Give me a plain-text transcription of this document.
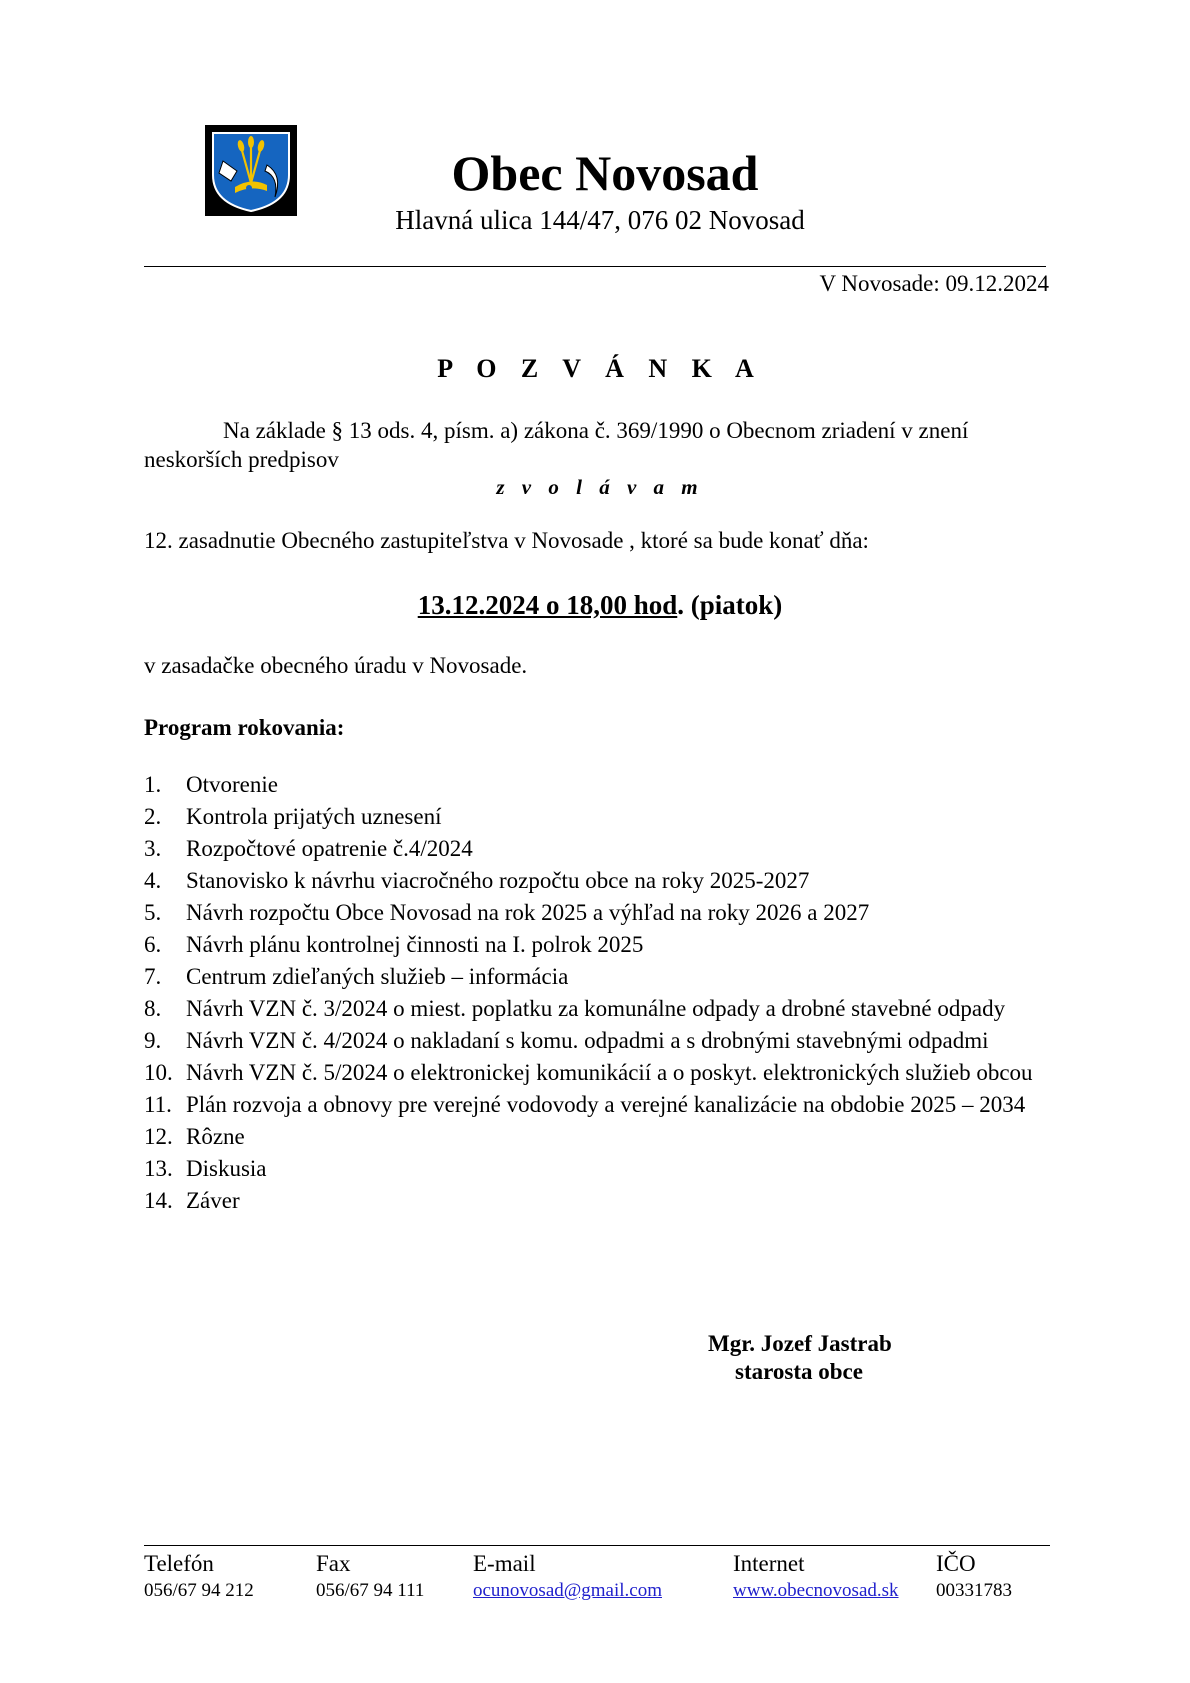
Obec Novosad
Hlavná ulica 144/47, 076 02 Novosad
V Novosade: 09.12.2024
P O Z V Á N K A
Na základe § 13 ods. 4, písm. a) zákona č. 369/1990 o Obecnom zriadení v znení
neskorších predpisov
z v o l á v a m
12. zasadnutie Obecného zastupiteľstva v Novosade , ktoré sa bude konať dňa:
13.12.2024 o 18,00 hod. (piatok)
v zasadačke obecného úradu v Novosade.
Program rokovania:
1.	Otvorenie
2.	Kontrola prijatých uznesení
3.	Rozpočtové opatrenie č.4/2024
4.	Stanovisko k návrhu viacročného rozpočtu obce na roky 2025-2027
5.	Návrh rozpočtu Obce Novosad na rok 2025 a výhľad na roky 2026 a 2027
6.	Návrh plánu kontrolnej činnosti na I. polrok 2025
7.	Centrum zdieľaných služieb – informácia
8.	Návrh VZN č. 3/2024 o miest. poplatku za komunálne odpady a drobné stavebné odpady
9.	Návrh VZN č. 4/2024 o nakladaní s komu. odpadmi a s drobnými stavebnými odpadmi
10. Návrh VZN č. 5/2024 o elektronickej komunikácií a o poskyt. elektronických služieb obcou
11. Plán rozvoja a obnovy pre verejné vodovody a verejné kanalizácie na obdobie 2025 – 2034
12. Rôzne
13. Diskusia
14. Záver
Mgr. Jozef Jastrab
starosta obce
Telefón
056/67 94 212
Fax
056/67 94 111
E-mail
ocunovosad@gmail.com
Internet
www.obecnovosad.sk
IČO
00331783
